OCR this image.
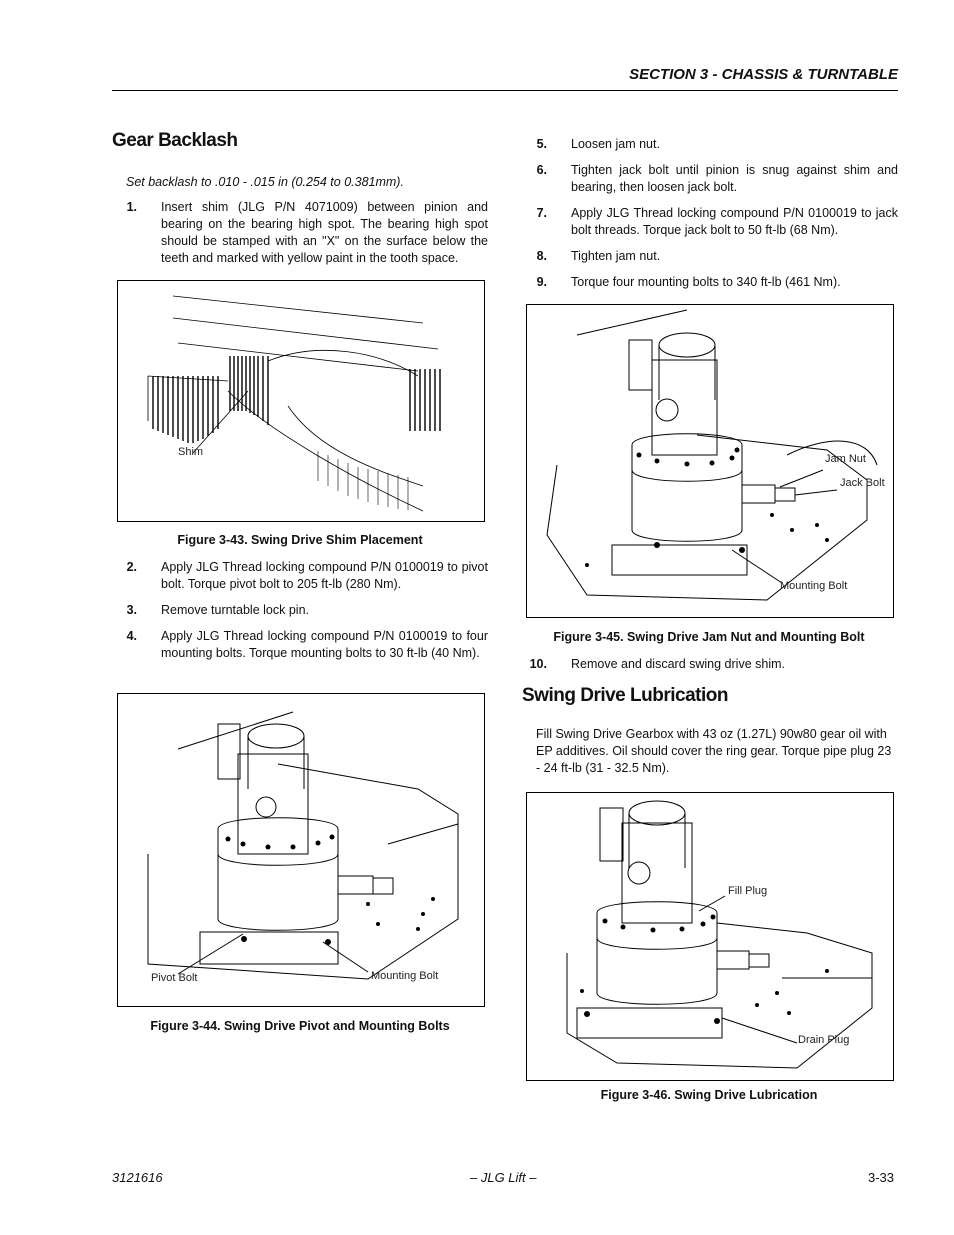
SECTION 3 - CHASSIS & TURNTABLE
Gear Backlash

Set backlash to .010 - .015 in (0.254 to 0.381mm).

1.	Insert shim (JLG P/N 4071009) between pinion and bearing on the bearing high spot. The bearing high spot should be stamped with an "X" on the surface below the teeth and marked with yellow paint in the tooth space.
Shim
Figure 3-43. Swing Drive Shim Placement
2.	Apply JLG Thread locking compound P/N 0100019 to pivot bolt. Torque pivot bolt to 205 ft-lb (280 Nm).
3.	Remove turntable lock pin.
4.	Apply JLG Thread locking compound P/N 0100019 to four mounting bolts. Torque mounting bolts to 30 ft-lb (40 Nm).
Pivot Bolt	Mounting Bolt
Figure 3-44. Swing Drive Pivot and Mounting Bolts
5.	Loosen jam nut.
6.	Tighten jack bolt until pinion is snug against shim and bearing, then loosen jack bolt.
7.	Apply JLG Thread locking compound P/N 0100019 to jack bolt threads. Torque jack bolt to 50 ft-lb (68 Nm).
8.	Tighten jam nut.
9.	Torque four mounting bolts to 340 ft-lb (461 Nm).
Jam Nut
Jack Bolt
Mounting Bolt
Figure 3-45. Swing Drive Jam Nut and Mounting Bolt
10.	Remove and discard swing drive shim.
Swing Drive Lubrication

Fill Swing Drive Gearbox with 43 oz (1.27L) 90w80 gear oil with EP additives. Oil should cover the ring gear. Torque pipe plug 23 - 24 ft-lb (31 - 32.5 Nm).

Fill Plug
Drain Plug
Figure 3-46. Swing Drive Lubrication
3121616	– JLG Lift –	3-33
